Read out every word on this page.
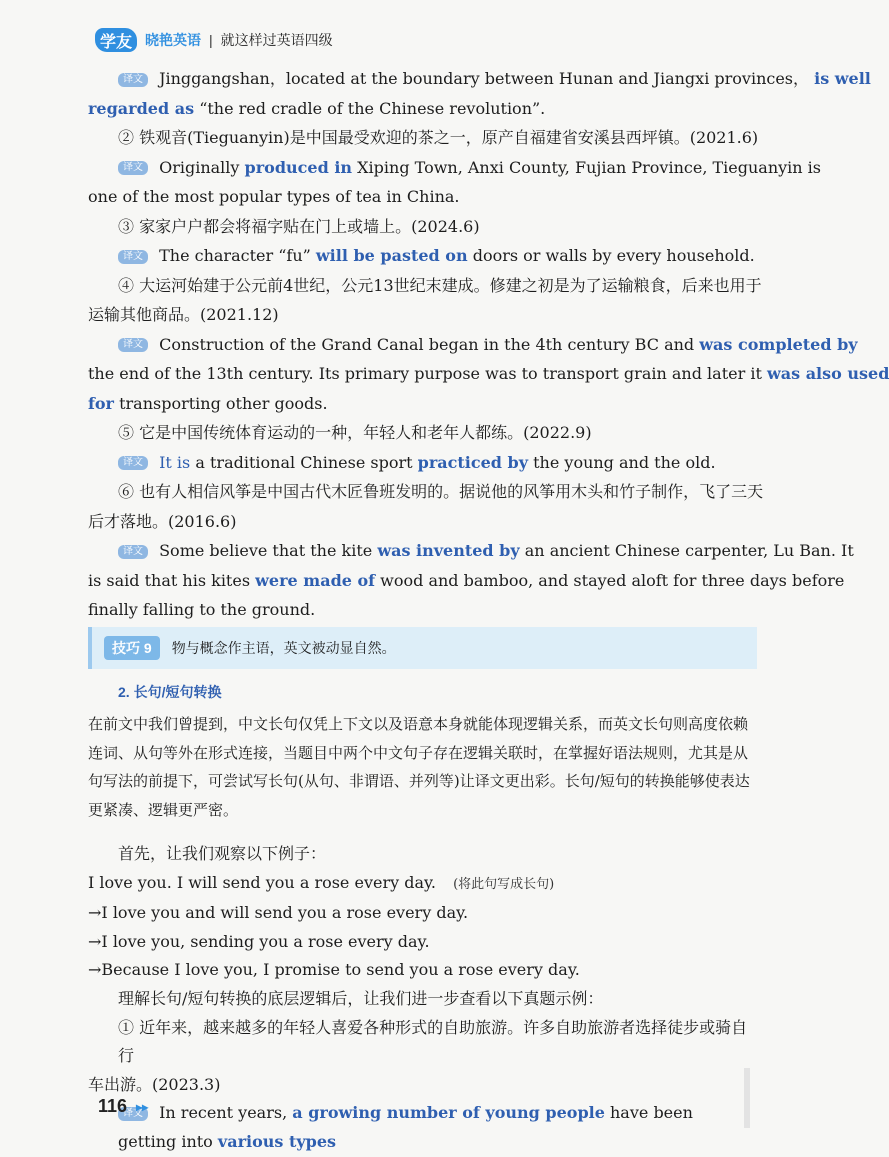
学友 晓艳英语 | 就这样过英语四级

译文 Jinggangshan，located at the boundary between Hunan and Jiangxi provinces， is well

regarded as “the red cradle of the Chinese revolution”.

② 铁观音(Tieguanyin)是中国最受欢迎的茶之一，原产自福建省安溪县西坪镇。(2021.6)

译文 Originally produced in Xiping Town, Anxi County, Fujian Province, Tieguanyin is

one of the most popular types of tea in China.

③ 家家户户都会将福字贴在门上或墙上。(2024.6)

译文 The character “fu” will be pasted on doors or walls by every household.

④ 大运河始建于公元前4世纪，公元13世纪末建成。修建之初是为了运输粮食，后来也用于

运输其他商品。(2021.12)

译文 Construction of the Grand Canal began in the 4th century BC and was completed by

the end of the 13th century. Its primary purpose was to transport grain and later it was also used

for transporting other goods.

⑤ 它是中国传统体育运动的一种，年轻人和老年人都练。(2022.9)

译文 It is a traditional Chinese sport practiced by the young and the old.

⑥ 也有人相信风筝是中国古代木匠鲁班发明的。据说他的风筝用木头和竹子制作，飞了三天

后才落地。(2016.6)

译文 Some believe that the kite was invented by an ancient Chinese carpenter, Lu Ban. It

is said that his kites were made of wood and bamboo, and stayed aloft for three days before

finally falling to the ground.

技巧 9	物与概念作主语，英文被动显自然。
2. 长句/短句转换
在前文中我们曾提到，中文长句仅凭上下文以及语意本身就能体现逻辑关系，而英文长句则高度依赖连词、从句等外在形式连接，当题目中两个中文句子存在逻辑关联时，在掌握好语法规则，尤其是从句写法的前提下，可尝试写长句(从句、非谓语、并列等)让译文更出彩。长句/短句的转换能够使表达更紧凑、逻辑更严密。

首先，让我们观察以下例子：

I love you. I will send you a rose every day. (将此句写成长句)

→I love you and will send you a rose every day.

→I love you, sending you a rose every day.

→Because I love you, I promise to send you a rose every day.

理解长句/短句转换的底层逻辑后，让我们进一步查看以下真题示例：

① 近年来，越来越多的年轻人喜爱各种形式的自助旅游。许多自助旅游者选择徒步或骑自行

车出游。(2023.3)

译文 In recent years, a growing number of young people have been getting into various types

116 ▸▸
